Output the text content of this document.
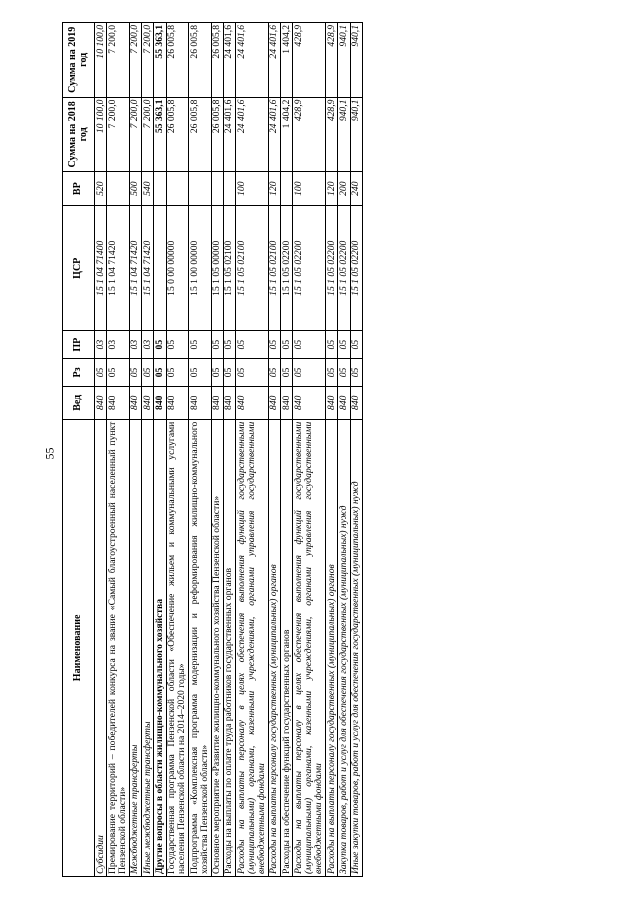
55
Наименование	Вед	Рз	ПР	ЦСР	ВР	Сумма на 2018 год	Сумма на 2019 год
Субсидии	840	05	03	15 1 04 71400	520	10 100,0	10 100,0
Премирование территорий – победителей конкурса на звание «Самый благоустроенный населенный пункт Пензенской области»	840	05	03	15 1 04 71420		7 200,0	7 200,0
Межбюджетные трансферты	840	05	03	15 1 04 71420	500	7 200,0	7 200,0
Иные межбюджетные трансферты	840	05	03	15 1 04 71420	540	7 200,0	7 200,0
Другие вопросы в области жилищно-коммунального хозяйства	840	05	05			55 363,1	55 363,1
Государственная программа Пензенской области «Обеспечение жильем и коммунальными услугами населения Пензенской области на 2014–2020 годы»	840	05	05	15 0 00 00000		26 005,8	26 005,8
Подпрограмма «Комплексная программа модернизации и реформирования жилищно-коммунального хозяйства Пензенской области»	840	05	05	15 1 00 00000		26 005,8	26 005,8
Основное мероприятие «Развитие жилищно-коммунального хозяйства Пензенской области»	840	05	05	15 1 05 00000		26 005,8	26 005,8
Расходы на выплаты по оплате труда работников государственных органов	840	05	05	15 1 05 02100		24 401,6	24 401,6
Расходы на выплаты персоналу в целях обеспечения выполнения функций государственными (муниципальными) органами, казенными учреждениями, органами управления государственными внебюджетными фондами	840	05	05	15 1 05 02100	100	24 401,6	24 401,6
Расходы на выплаты персоналу государственных (муниципальных) органов	840	05	05	15 1 05 02100	120	24 401,6	24 401,6
Расходы на обеспечение функций государственных органов	840	05	05	15 1 05 02200		1 404,2	1 404,2
Расходы на выплаты персоналу в целях обеспечения выполнения функций государственными (муниципальными) органами, казенными учреждениями, органами управления государственными внебюджетными фондами	840	05	05	15 1 05 02200	100	428,9	428,9
Расходы на выплаты персоналу государственных (муниципальных) органов	840	05	05	15 1 05 02200	120	428,9	428,9
Закупка товаров, работ и услуг для обеспечения государственных (муниципальных) нужд	840	05	05	15 1 05 02200	200	940,1	940,1
Иные закупки товаров, работ и услуг для обеспечения государственных (муниципальных) нужд	840	05	05	15 1 05 02200	240	940,1	940,1
